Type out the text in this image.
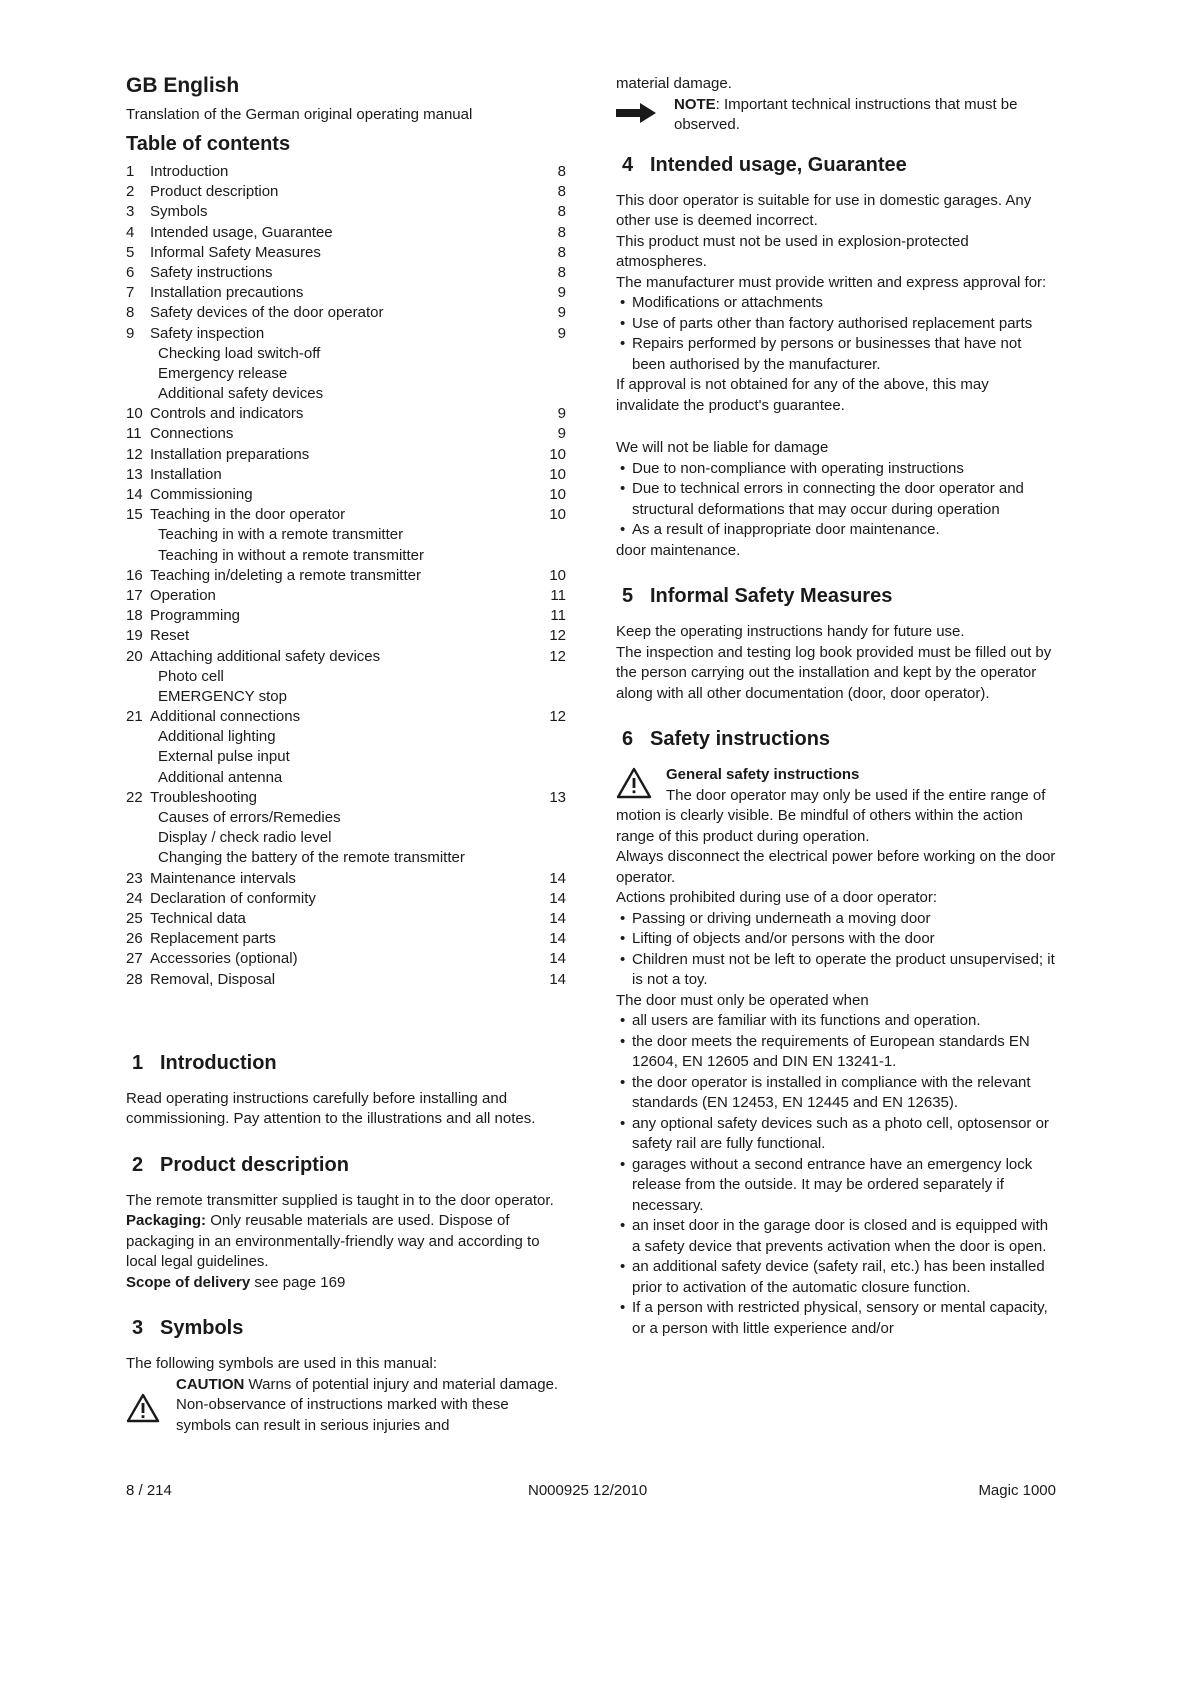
GB English
Translation of the German original operating manual
Table of contents
1 Introduction	8
2 Product description	8
3 Symbols	8
4 Intended usage, Guarantee	8
5 Informal Safety Measures	8
6 Safety instructions	8
7 Installation precautions	9
8 Safety devices of the door operator	9
9 Safety inspection	9
Checking load switch-off
Emergency release
Additional safety devices
10 Controls and indicators	9
11 Connections	9
12 Installation preparations	10
13 Installation	10
14 Commissioning	10
15 Teaching in the door operator	10
Teaching in with a remote transmitter
Teaching in without a remote transmitter
16 Teaching in/deleting a remote transmitter	10
17 Operation	11
18 Programming	11
19 Reset	12
20 Attaching additional safety devices	12
Photo cell
EMERGENCY stop
21 Additional connections	12
Additional lighting
External pulse input
Additional antenna
22 Troubleshooting	13
Causes of errors/Remedies
Display / check radio level
Changing the battery of the remote transmitter
23 Maintenance intervals	14
24 Declaration of conformity	14
25 Technical data	14
26 Replacement parts	14
27 Accessories (optional)	14
28 Removal, Disposal	14
1 Introduction

Read operating instructions carefully before installing and commissioning. Pay attention to the illustrations and all notes.

2 Product description

The remote transmitter supplied is taught in to the door operator.

Packaging: Only reusable materials are used. Dispose of packaging in an environmentally-friendly way and according to local legal guidelines.

Scope of delivery see page 169

3 Symbols

The following symbols are used in this manual:

CAUTION Warns of potential injury and material damage. Non-observance of instructions marked with these symbols can result in serious injuries and

material damage.

NOTE: Important technical instructions that must be observed.
4 Intended usage, Guarantee

This door operator is suitable for use in domestic garages. Any other use is deemed incorrect.

This product must not be used in explosion-protected atmospheres.

The manufacturer must provide written and express approval for:

• Modifications or attachments

• Use of parts other than factory authorised replacement parts

• Repairs performed by persons or businesses that have not been authorised by the manufacturer.

If approval is not obtained for any of the above, this may invalidate the product's guarantee.

We will not be liable for damage

• Due to non-compliance with operating instructions

• Due to technical errors in connecting the door operator and structural deformations that may occur during operation

• As a result of inappropriate door maintenance.

door maintenance.

5 Informal Safety Measures

Keep the operating instructions handy for future use.

The inspection and testing log book provided must be filled out by the person carrying out the installation and kept by the operator along with all other documentation (door, door operator).

6 Safety instructions
General safety instructions

The door operator may only be used if the entire range of motion is clearly visible. Be mindful of others within the action range of this product during operation.

Always disconnect the electrical power before working on the door operator.

Actions prohibited during use of a door operator:

• Passing or driving underneath a moving door

• Lifting of objects and/or persons with the door

• Children must not be left to operate the product unsupervised; it is not a toy.

The door must only be operated when

• all users are familiar with its functions and operation.

• the door meets the requirements of European standards EN 12604, EN 12605 and DIN EN 13241-1.

• the door operator is installed in compliance with the relevant standards (EN 12453, EN 12445 and EN 12635).

• any optional safety devices such as a photo cell, optosensor or safety rail are fully functional.

• garages without a second entrance have an emergency lock release from the outside. It may be ordered separately if necessary.

• an inset door in the garage door is closed and is equipped with a safety device that prevents activation when the door is open.

• an additional safety device (safety rail, etc.) has been installed prior to activation of the automatic closure function.

• If a person with restricted physical, sensory or mental capacity, or a person with little experience and/or

8 / 214	N000925 12/2010	Magic 1000
